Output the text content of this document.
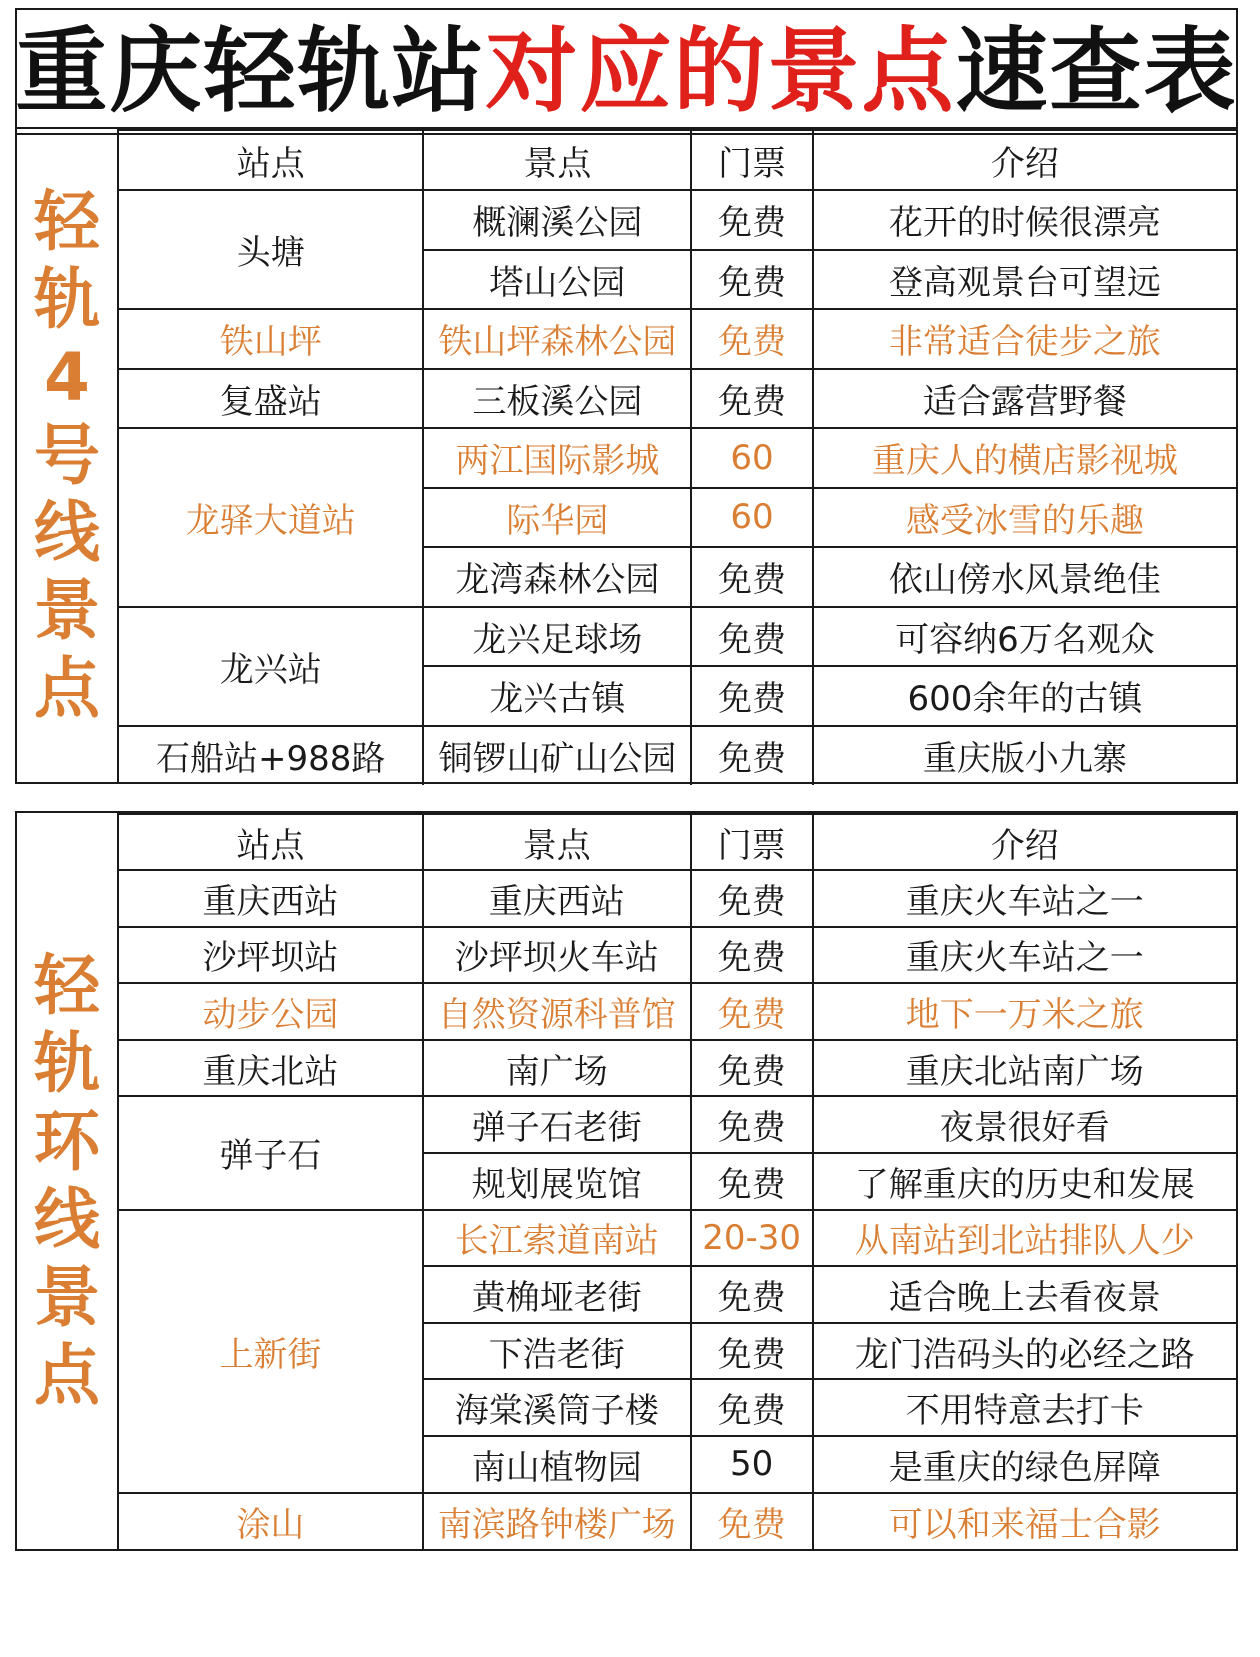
重庆轻轨站对应的景点速查表
轻
轨
4
号
线
景
点
站点	景点	门票	介绍
头塘	概澜溪公园	免费	花开的时候很漂亮
	塔山公园	免费	登高观景台可望远
铁山坪	铁山坪森林公园	免费	非常适合徒步之旅
复盛站	三板溪公园	免费	适合露营野餐
龙驿大道站	两江国际影城	60	重庆人的横店影视城
	际华园	60	感受冰雪的乐趣
	龙湾森林公园	免费	依山傍水风景绝佳
龙兴站	龙兴足球场	免费	可容纳6万名观众
	龙兴古镇	免费	600余年的古镇
石船站+988路	铜锣山矿山公园	免费	重庆版小九寨
轻
轨
环
线
景
点
站点	景点	门票	介绍
重庆西站	重庆西站	免费	重庆火车站之一
沙坪坝站	沙坪坝火车站	免费	重庆火车站之一
动步公园	自然资源科普馆	免费	地下一万米之旅
重庆北站	南广场	免费	重庆北站南广场
弹子石	弹子石老街	免费	夜景很好看
	规划展览馆	免费	了解重庆的历史和发展
上新街	长江索道南站	20-30	从南站到北站排队人少
	黄桷垭老街	免费	适合晚上去看夜景
	下浩老街	免费	龙门浩码头的必经之路
	海棠溪筒子楼	免费	不用特意去打卡
	南山植物园	50	是重庆的绿色屏障
涂山	南滨路钟楼广场	免费	可以和来福士合影
